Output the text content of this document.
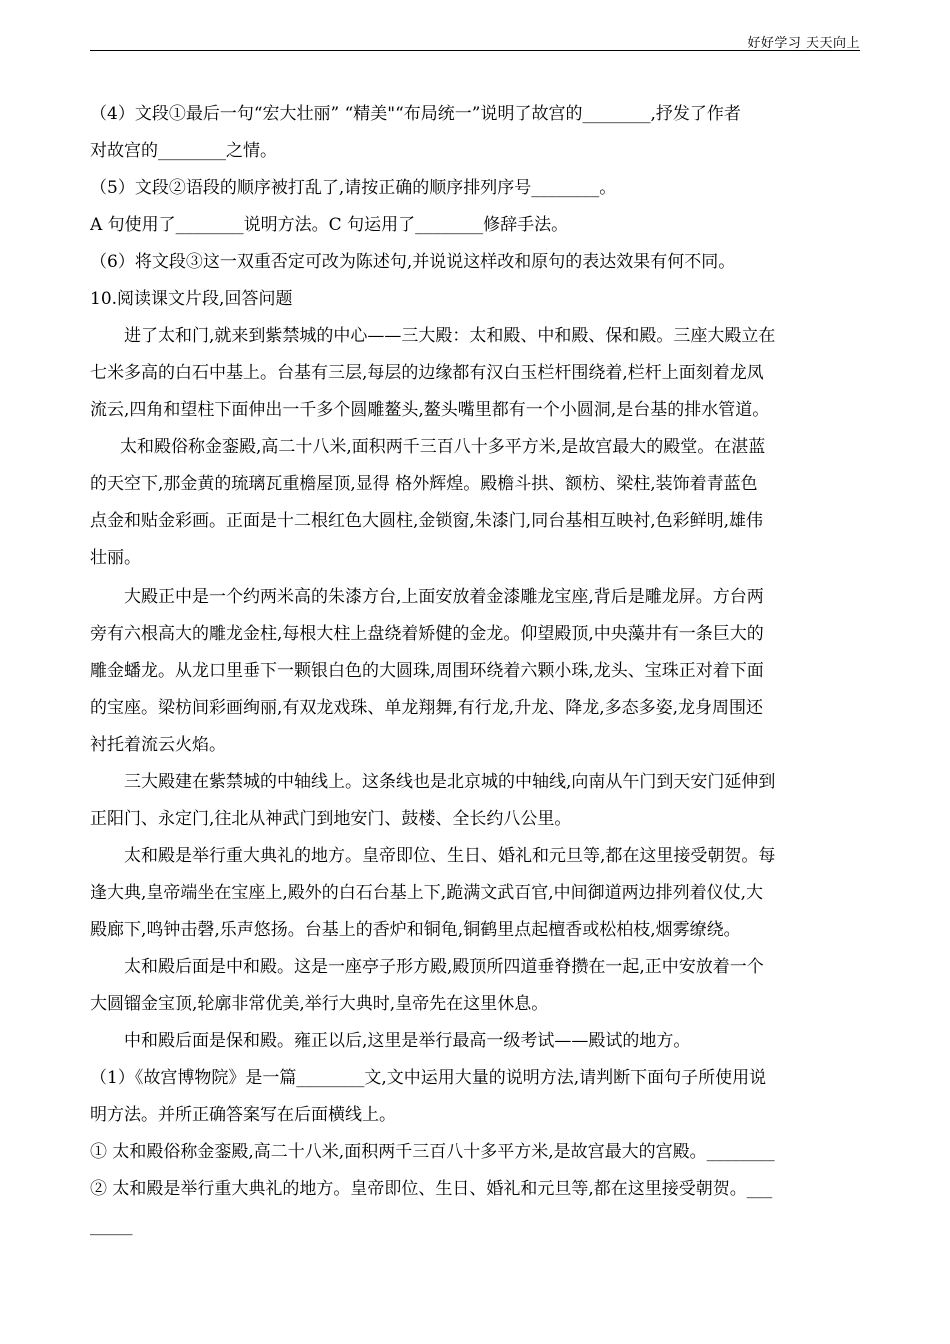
好好学习 天天向上
（4）文段①最后一句“宏大壮丽” “精美"“布局统一”说明了故宫的________,抒发了作者
对故宫的________之情。
（5）文段②语段的顺序被打乱了,请按正确的顺序排列序号________。
A 句使用了________说明方法。C 句运用了________修辞手法。
（6）将文段③这一双重否定可改为陈述句,并说说这样改和原句的表达效果有何不同。
10.阅读课文片段,回答问题
进了太和门,就来到紫禁城的中心——三大殿：太和殿、中和殿、保和殿。三座大殿立在
七米多高的白石中基上。台基有三层,每层的边缘都有汉白玉栏杆围绕着,栏杆上面刻着龙凤
流云,四角和望柱下面伸出一千多个圆雕鳌头,鳌头嘴里都有一个小圆洞,是台基的排水管道。
太和殿俗称金銮殿,高二十八米,面积两千三百八十多平方米,是故宫最大的殿堂。在湛蓝
的天空下,那金黄的琉璃瓦重檐屋顶,显得 格外辉煌。殿檐斗拱、额枋、梁柱,装饰着青蓝色
点金和贴金彩画。正面是十二根红色大圆柱,金锁窗,朱漆门,同台基相互映衬,色彩鲜明,雄伟
壮丽。
大殿正中是一个约两米高的朱漆方台,上面安放着金漆雕龙宝座,背后是雕龙屏。方台两
旁有六根高大的雕龙金柱,每根大柱上盘绕着矫健的金龙。仰望殿顶,中央藻井有一条巨大的
雕金蟠龙。从龙口里垂下一颗银白色的大圆珠,周围环绕着六颗小珠,龙头、宝珠正对着下面
的宝座。梁枋间彩画绚丽,有双龙戏珠、单龙翔舞,有行龙,升龙、降龙,多态多姿,龙身周围还
衬托着流云火焰。
三大殿建在紫禁城的中轴线上。这条线也是北京城的中轴线,向南从午门到天安门延伸到
正阳门、永定门,往北从神武门到地安门、鼓楼、全长约八公里。
太和殿是举行重大典礼的地方。皇帝即位、生日、婚礼和元旦等,都在这里接受朝贺。每
逢大典,皇帝端坐在宝座上,殿外的白石台基上下,跪满文武百官,中间御道两边排列着仪仗,大
殿廊下,鸣钟击磬,乐声悠扬。台基上的香炉和铜龟,铜鹤里点起檀香或松柏枝,烟雾缭绕。
太和殿后面是中和殿。这是一座亭子形方殿,殿顶所四道垂脊攒在一起,正中安放着一个
大圆镏金宝顶,轮廓非常优美,举行大典时,皇帝先在这里休息。
中和殿后面是保和殿。雍正以后,这里是举行最高一级考试——殿试的地方。
（1）《故宫博物院》是一篇________文,文中运用大量的说明方法,请判断下面句子所使用说
明方法。并所正确答案写在后面横线上。
① 太和殿俗称金銮殿,高二十八米,面积两千三百八十多平方米,是故宫最大的宫殿。________
② 太和殿是举行重大典礼的地方。皇帝即位、生日、婚礼和元旦等,都在这里接受朝贺。___
_____
